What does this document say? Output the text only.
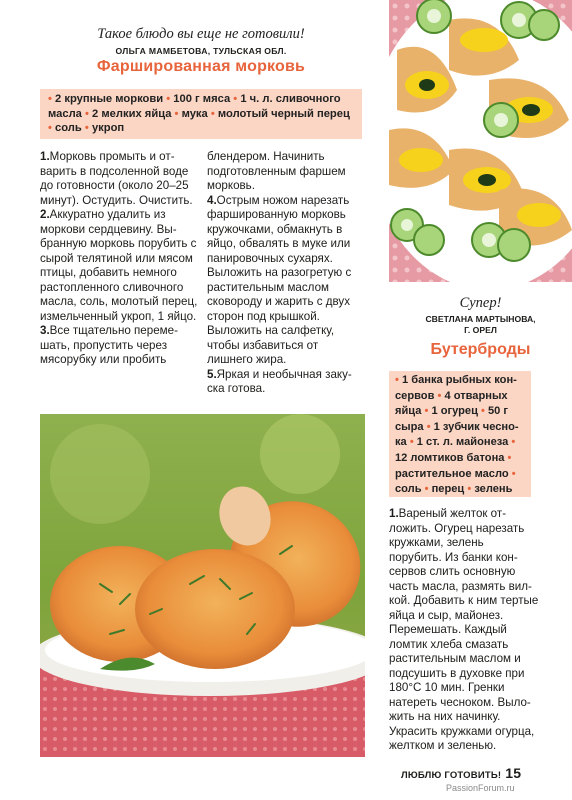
Такое блюдо вы еще не готовили!
ОЛЬГА МАМБЕТОВА, ТУЛЬСКАЯ ОБЛ.
Фаршированная морковь
• 2 крупные моркови • 100 г мяса • 1 ч. л. сливочного масла • 2 мелких яйца • мука • молотый черный перец • соль • укроп

1.Морковь промыть и отварить в подсоленной воде до готовности (около 20–25 минут). Остудить. Очистить.

2.Аккуратно удалить из моркови сердцевину. Выбранную морковь порубить с сырой телятиной или мясом птицы, добавить немного растопленного сливочного масла, соль, молотый перец, измельченный укроп, 1 яйцо.

3.Все тщательно перемешать, пропустить через мясорубку или пробить

блендером. Начинить подготовленным фаршем морковь.

4.Острым ножом нарезать фаршированную морковь кружочками, обмакнуть в яйцо, обвалять в муке или панировочных сухарях. Выложить на разогретую с растительным маслом сковороду и жарить с двух сторон под крышкой. Выложить на салфетку, чтобы избавиться от лишнего жира.

5.Яркая и необычная закуска готова.

Супер!
СВЕТЛАНА МАРТЫНОВА,
Г. ОРЕЛ
Бутерброды
• 1 банка рыбных консервов • 4 отварных яйца • 1 огурец • 50 г сыра • 1 зубчик чеснока • 1 ст. л. майонеза • 12 ломтиков батона • растительное масло • соль • перец • зелень

1.Вареный желток отложить. Огурец нарезать кружками, зелень порубить. Из банки консервов слить основную часть масла, размять вилкой. Добавить к ним тертые яйца и сыр, майонез. Перемешать. Каждый ломтик хлеба смазать растительным маслом и подсушить в духовке при 180°С 10 мин. Гренки натереть чесноком. Выложить на них начинку. Украсить кружками огурца, желтком и зеленью.

ЛЮБЛЮ ГОТОВИТЬ! 15
PassionForum.ru
